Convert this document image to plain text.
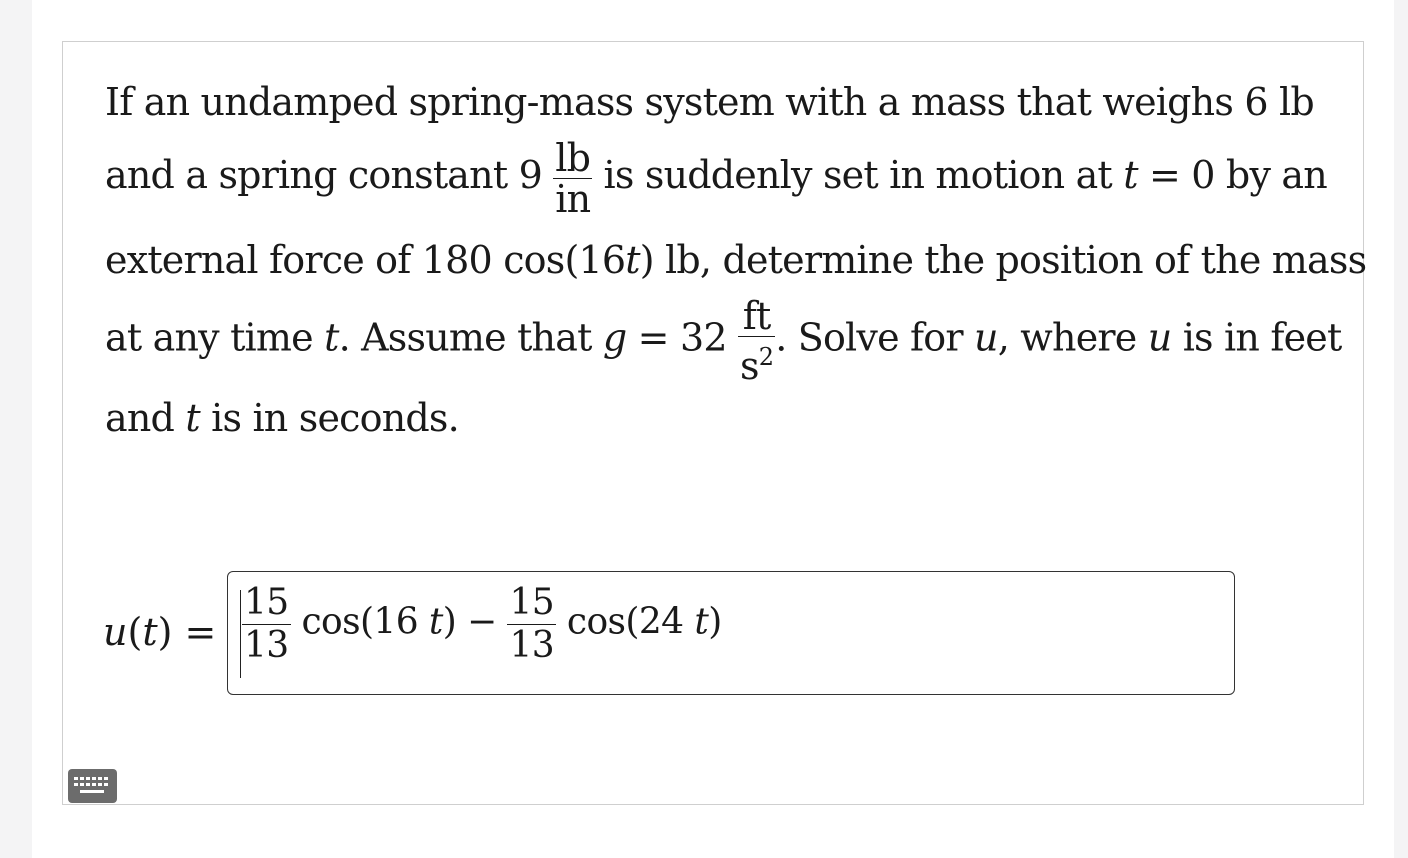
If an undamped spring-mass system with a mass that weighs 6 lb
and a spring constant $9 \frac{lb}{in}$ is suddenly set in motion at t = 0 by an
external force of 180 cos(16t) lb, determine the position of the mass
at any time t. Assume that $g = 32 \frac{ft}{s^2}$ . Solve for u, where u is in feet
and t is in seconds.
$u(t) = \frac{15}{13} \cos(16$ $t) - \frac{15}{13} \cos(24$ t)
